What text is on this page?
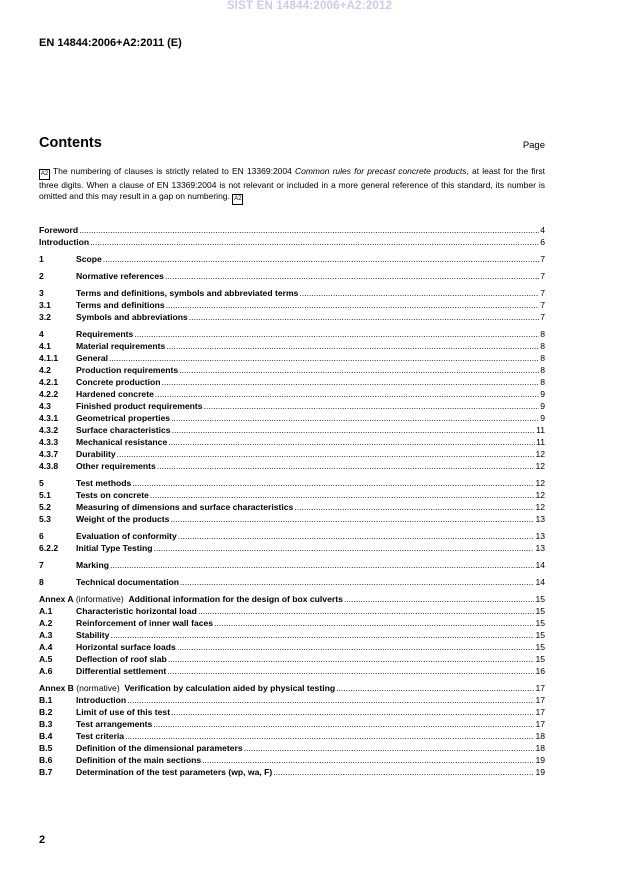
SIST EN 14844:2006+A2:2012
EN 14844:2006+A2:2011 (E)
Contents	Page
A2 The numbering of clauses is strictly related to EN 13369:2004 Common rules for precast concrete products, at least for the first three digits. When a clause of EN 13369:2004 is not relevant or included in a more general reference of this standard, its number is omitted and this may result in a gap on numbering. A2
Foreword .....	4
Introduction .....	6
1	Scope .....	7
2	Normative references .....	7
3	Terms and definitions, symbols and abbreviated terms .....	7
3.1	Terms and definitions .....	7
3.2	Symbols and abbreviations .....	7
4	Requirements .....	8
4.1	Material requirements .....	8
4.1.1	General .....	8
4.2	Production requirements .....	8
4.2.1	Concrete production .....	8
4.2.2	Hardened concrete .....	9
4.3	Finished product requirements .....	9
4.3.1	Geometrical properties .....	9
4.3.2	Surface characteristics .....	11
4.3.3	Mechanical resistance .....	11
4.3.7	Durability .....	12
4.3.8	Other requirements .....	12
5	Test methods .....	12
5.1	Tests on concrete .....	12
5.2	Measuring of dimensions and surface characteristics .....	12
5.3	Weight of the products .....	13
6	Evaluation of conformity .....	13
6.2.2	Initial Type Testing .....	13
7	Marking .....	14
8	Technical documentation .....	14
Annex A (informative)  Additional information for the design of box culverts .....	15
A.1	Characteristic horizontal load .....	15
A.2	Reinforcement of inner wall faces .....	15
A.3	Stability .....	15
A.4	Horizontal surface loads .....	15
A.5	Deflection of roof slab .....	15
A.6	Differential settlement .....	16
Annex B (normative)  Verification by calculation aided by physical testing .....	17
B.1	Introduction .....	17
B.2	Limit of use of this test .....	17
B.3	Test arrangements .....	17
B.4	Test criteria .....	18
B.5	Definition of the dimensional parameters .....	18
B.6	Definition of the main sections .....	19
B.7	Determination of the test parameters (wp, wa, F) .....	19
2
